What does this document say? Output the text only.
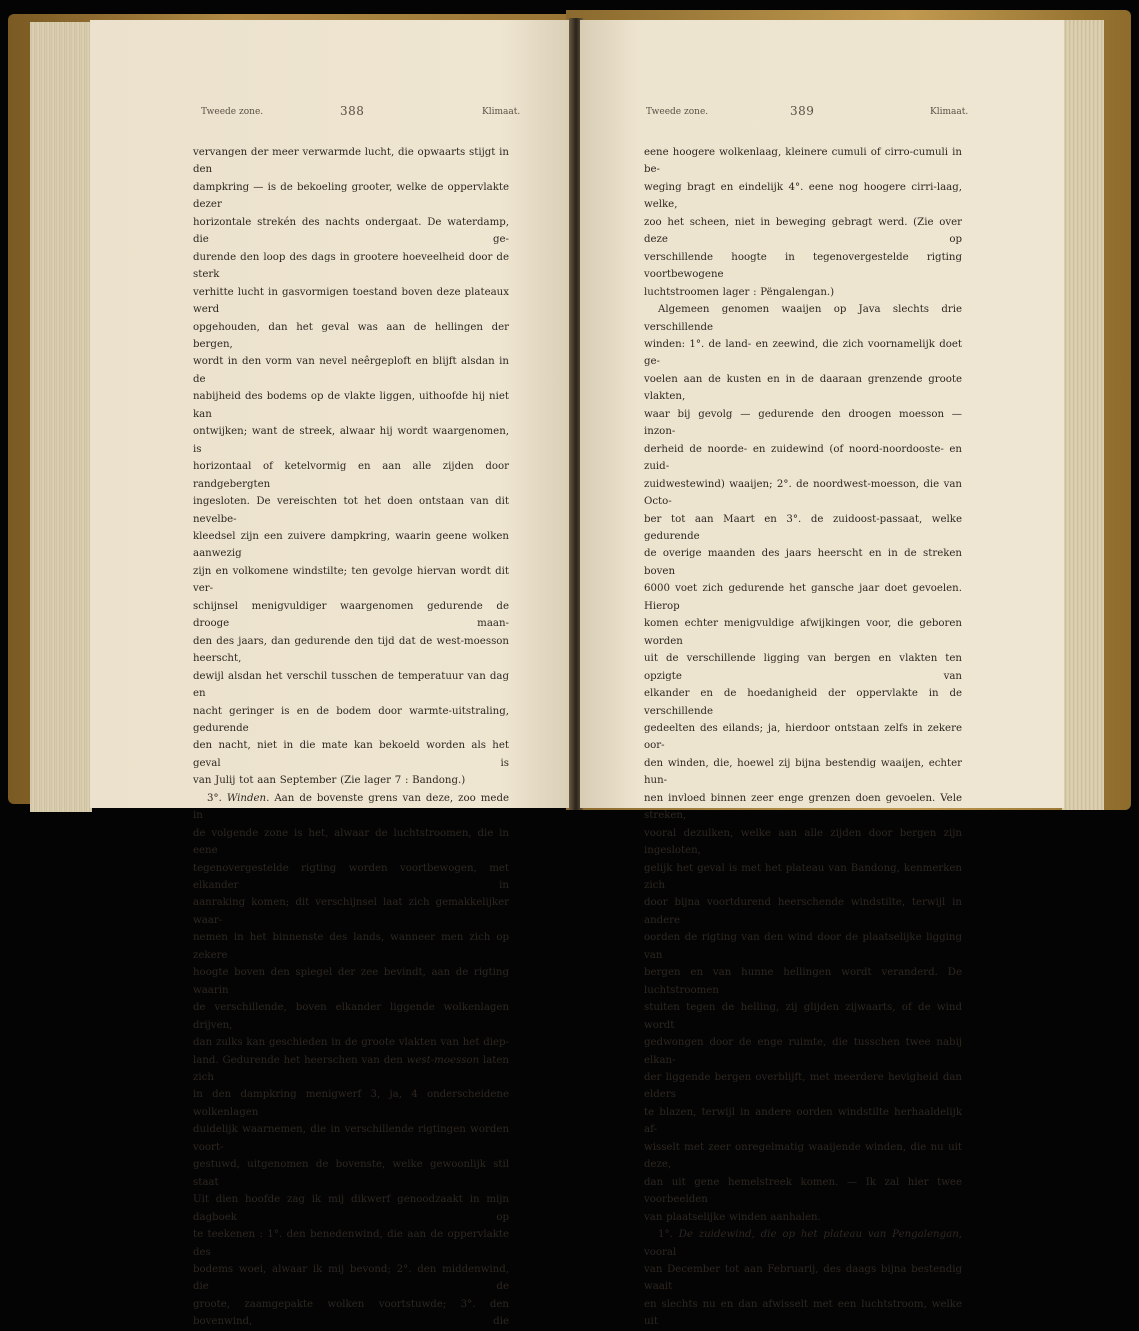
Tweede zone.	388	Klimaat.

vervangen der meer verwarmde lucht, die opwaarts stijgt in den

dampkring — is de bekoeling grooter, welke de oppervlakte dezer

horizontale strekén des nachts ondergaat. De waterdamp, die ge-

durende den loop des dags in grootere hoeveelheid door de sterk

verhitte lucht in gasvormigen toestand boven deze plateaux werd

opgehouden, dan het geval was aan de hellingen der bergen,

wordt in den vorm van nevel neêrgeploft en blijft alsdan in de

nabijheid des bodems op de vlakte liggen, uithoofde hij niet kan

ontwijken; want de streek, alwaar hij wordt waargenomen, is

horizontaal of ketelvormig en aan alle zijden door randgebergten

ingesloten. De vereischten tot het doen ontstaan van dit nevelbe-

kleedsel zijn een zuivere dampkring, waarin geene wolken aanwezig

zijn en volkomene windstilte; ten gevolge hiervan wordt dit ver-

schijnsel menigvuldiger waargenomen gedurende de drooge maan-

den des jaars, dan gedurende den tijd dat de west-moesson heerscht,

dewijl alsdan het verschil tusschen de temperatuur van dag en

nacht geringer is en de bodem door warmte-uitstraling, gedurende

den nacht, niet in die mate kan bekoeld worden als het geval is

van Julij tot aan September (Zie lager 7 : Bandong.)

3°. Winden. Aan de bovenste grens van deze, zoo mede in

de volgende zone is het, alwaar de luchtstroomen, die in eene

tegenovergestelde rigting worden voortbewogen, met elkander in

aanraking komen; dit verschijnsel laat zich gemakkelijker waar-

nemen in het binnenste des lands, wanneer men zich op zekere

hoogte boven den spiegel der zee bevindt, aan de rigting waarin

de verschillende, boven elkander liggende wolkenlagen drijven,

dan zulks kan geschieden in de groote vlakten van het diep-

land. Gedurende het heerschen van den west-moesson laten zich

in den dampkring menigwerf 3, ja, 4 onderscheidene wolkenlagen

duidelijk waarnemen, die in verschillende rigtingen worden voort-

gestuwd, uitgenomen de bovenste, welke gewoonlijk stil staat

Uit dien hoofde zag ik mij dikwerf genoodzaakt in mijn dagboek op

te teekenen : 1°. den benedenwind, die aan de oppervlakte des

bodems woei, alwaar ik mij bevond; 2°. den middenwind, die de

groote, zaamgepakte wolken voortstuwde; 3°. den bovenwind, die

Tweede zone.	389	Klimaat.

eene hoogere wolkenlaag, kleinere cumuli of cirro-cumuli in be-

weging bragt en eindelijk 4°. eene nog hoogere cirri-laag, welke,

zoo het scheen, niet in beweging gebragt werd. (Zie over deze op

verschillende hoogte in tegenovergestelde rigting voortbewogene

luchtstroomen lager : Pëngalengan.)

Algemeen genomen waaijen op Java slechts drie verschillende

winden: 1°. de land- en zeewind, die zich voornamelijk doet ge-

voelen aan de kusten en in de daaraan grenzende groote vlakten,

waar bij gevolg — gedurende den droogen moesson — inzon-

derheid de noorde- en zuidewind (of noord-noordooste- en zuid-

zuidwestewind) waaijen; 2°. de noordwest-moesson, die van Octo-

ber tot aan Maart en 3°. de zuidoost-passaat, welke gedurende

de overige maanden des jaars heerscht en in de streken boven

6000 voet zich gedurende het gansche jaar doet gevoelen. Hierop

komen echter menigvuldige afwijkingen voor, die geboren worden

uit de verschillende ligging van bergen en vlakten ten opzigte van

elkander en de hoedanigheid der oppervlakte in de verschillende

gedeelten des eilands; ja, hierdoor ontstaan zelfs in zekere oor-

den winden, die, hoewel zij bijna bestendig waaijen, echter hun-

nen invloed binnen zeer enge grenzen doen gevoelen. Vele streken,

vooral dezulken, welke aan alle zijden door bergen zijn ingesloten,

gelijk het geval is met het plateau van Bandong, kenmerken zich

door bijna voortdurend heerschende windstilte, terwijl in andere

oorden de rigting van den wind door de plaatselijke ligging van

bergen en van hunne hellingen wordt veranderd. De luchtstroomen

stuiten tegen de helling, zij glijden zijwaarts, of de wind wordt

gedwongen door de enge ruimte, die tusschen twee nabij elkan-

der liggende bergen overblijft, met meerdere hevigheid dan elders

te blazen, terwijl in andere oorden windstilte herhaaldelijk af-

wisselt met zeer onregelmatig waaijende winden, die nu uit deze,

dan uit gene hemelstreek komen. — Ik zal hier twee voorbeelden

van plaatselijke winden aanhalen.

1°. De zuidewind, die op het plateau van Pengalengan, vooral

van December tot aan Februarij, des daags bijna bestendig waait

en slechts nu en dan afwisselt met een luchtstroom, welke uit
